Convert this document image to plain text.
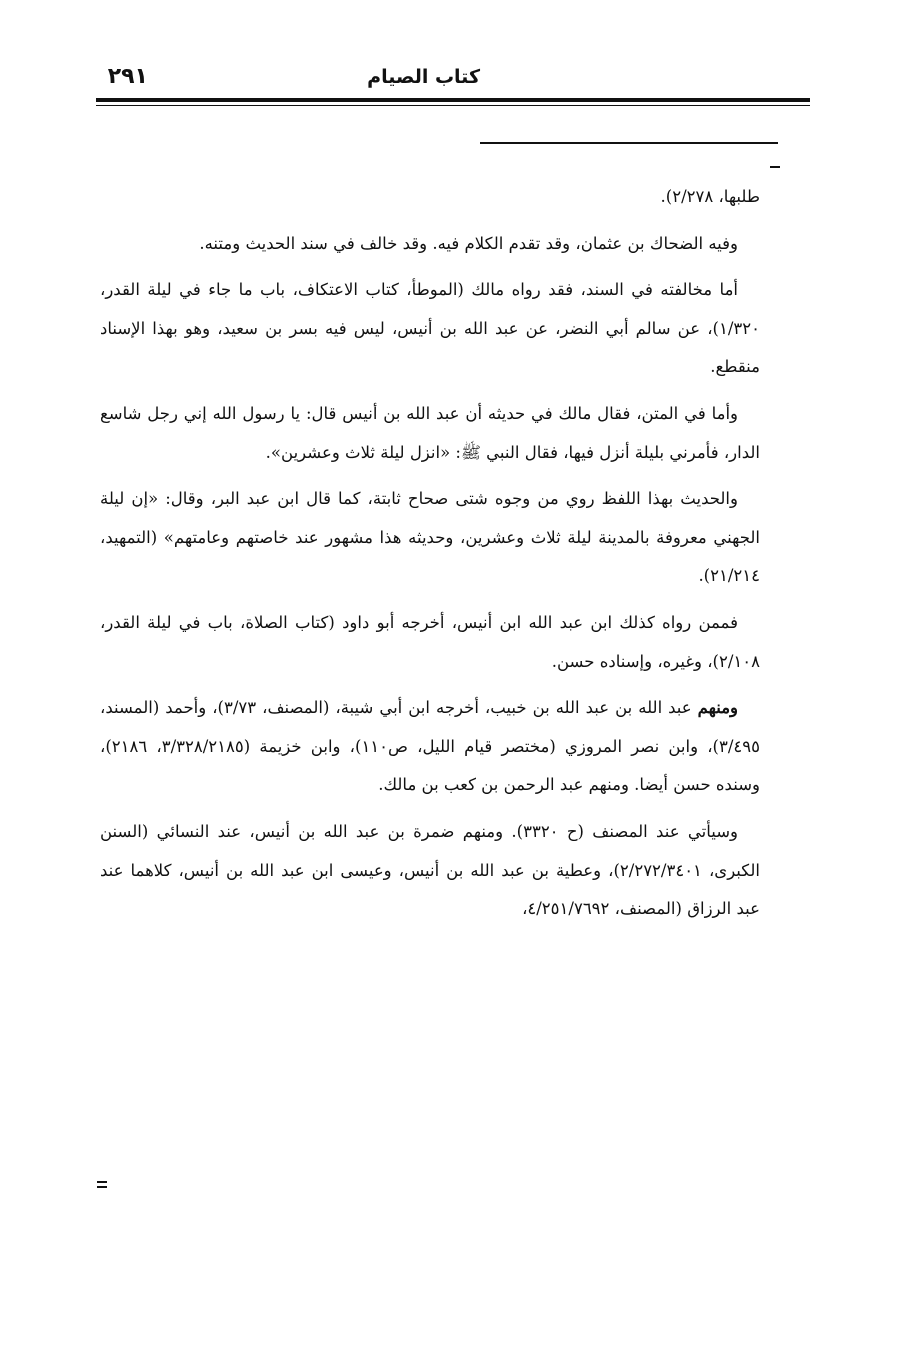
كتاب الصيام
٢٩١

طلبها، ٢/٢٧٨).

وفيه الضحاك بن عثمان، وقد تقدم الكلام فيه. وقد خالف في سند الحديث ومتنه.

أما مخالفته في السند، فقد رواه مالك (الموطأ، كتاب الاعتكاف، باب ما جاء في ليلة القدر، ١/٣٢٠)، عن سالم أبي النضر، عن عبد الله بن أنيس، ليس فيه بسر بن سعيد، وهو بهذا الإسناد منقطع.

وأما في المتن، فقال مالك في حديثه أن عبد الله بن أنيس قال: يا رسول الله إني رجل شاسع الدار، فأمرني بليلة أنزل فيها، فقال النبي ﷺ: «انزل ليلة ثلاث وعشرين».

والحديث بهذا اللفظ روي من وجوه شتى صحاح ثابتة، كما قال ابن عبد البر، وقال: «إن ليلة الجهني معروفة بالمدينة ليلة ثلاث وعشرين، وحديثه هذا مشهور عند خاصتهم وعامتهم» (التمهيد، ٢١/٢١٤).

فممن رواه كذلك ابن عبد الله ابن أنيس، أخرجه أبو داود (كتاب الصلاة، باب في ليلة القدر، ٢/١٠٨)، وغيره، وإسناده حسن.

ومنهم عبد الله بن عبد الله بن خبيب، أخرجه ابن أبي شيبة، (المصنف، ٣/٧٣)، وأحمد (المسند، ٣/٤٩٥)، وابن نصر المروزي (مختصر قيام الليل، ص١١٠)، وابن خزيمة (٣/٣٢٨/٢١٨٥، ٢١٨٦)، وسنده حسن أيضا. ومنهم عبد الرحمن بن كعب بن مالك.

وسيأتي عند المصنف (ح ٣٣٢٠). ومنهم ضمرة بن عبد الله بن أنيس، عند النسائي (السنن الكبرى، ٢/٢٧٢/٣٤٠١)، وعطية بن عبد الله بن أنيس، وعيسى ابن عبد الله بن أنيس، كلاهما عند عبد الرزاق (المصنف، ٤/٢٥١/٧٦٩٢،
